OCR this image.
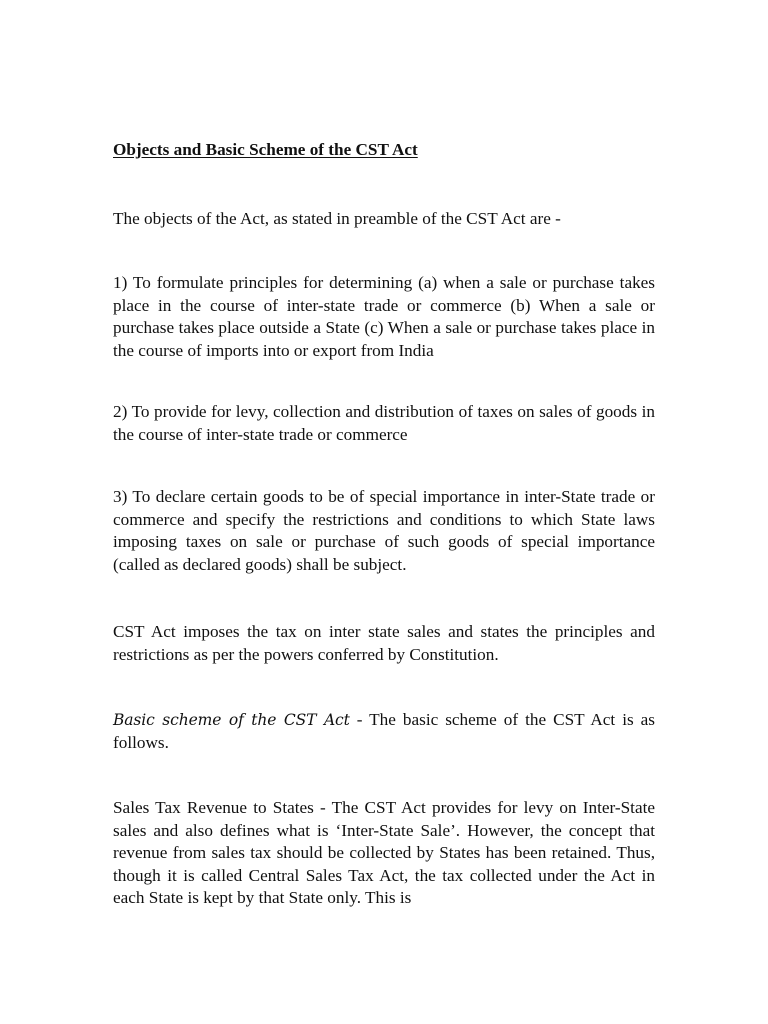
Objects and Basic Scheme of the CST Act

The objects of the Act, as stated in preamble of the CST Act are -

1) To formulate principles for determining (a) when a sale or purchase takes place in the course of inter-state trade or commerce (b) When a sale or purchase takes place outside a State (c) When a sale or purchase takes place in the course of imports into or export from India

2) To provide for levy, collection and distribution of taxes on sales of goods in the course of inter-state trade or commerce

3) To declare certain goods to be of special importance in inter-State trade or commerce and specify the restrictions and conditions to which State laws imposing taxes on sale or purchase of such goods of special importance (called as declared goods) shall be subject.

CST Act imposes the tax on inter state sales and states the principles and restrictions as per the powers conferred by Constitution.

Basic scheme of the CST Act - The basic scheme of the CST Act is as follows.

Sales Tax Revenue to States - The CST Act provides for levy on Inter-State sales and also defines what is ‘Inter-State Sale’. However, the concept that revenue from sales tax should be collected by States has been retained. Thus, though it is called Central Sales Tax Act, the tax collected under the Act in each State is kept by that State only. This is
